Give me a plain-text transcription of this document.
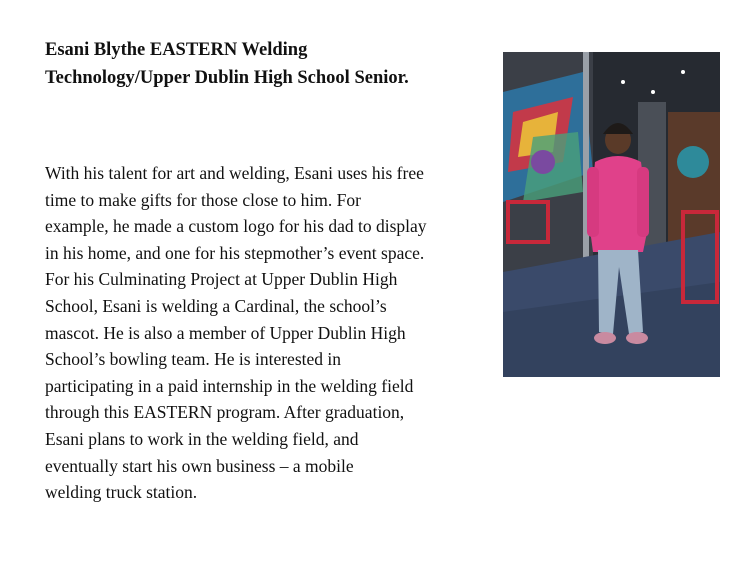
Esani Blythe EASTERN Welding
Technology/Upper Dublin High School Senior.
With his talent for art and welding, Esani uses his free
time to make gifts for those close to him. For
example, he made a custom logo for his dad to display
in his home, and one for his stepmother’s event space.
For his Culminating Project at Upper Dublin High
School, Esani is welding a Cardinal, the school’s
mascot. He is also a member of Upper Dublin High
School’s bowling team. He is interested in
participating in a paid internship in the welding field
through this EASTERN program. After graduation,
Esani plans to work in the welding field, and
eventually start his own business – a mobile
welding truck station.
